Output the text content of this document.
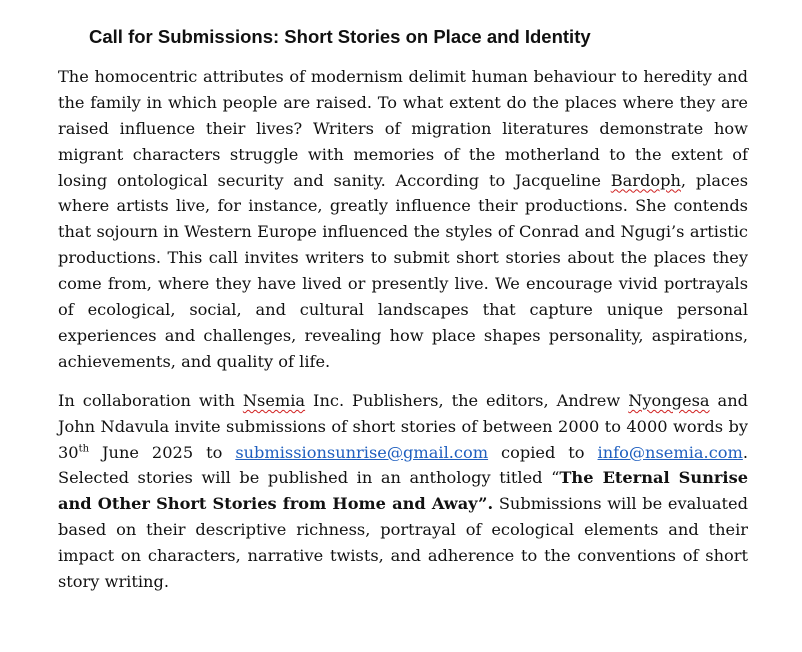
Call for Submissions: Short Stories on Place and Identity

The homocentric attributes of modernism delimit human behaviour to heredity and the family in which people are raised. To what extent do the places where they are raised influence their lives? Writers of migration literatures demonstrate how migrant characters struggle with memories of the motherland to the extent of losing ontological security and sanity. According to Jacqueline Bardoph, places where artists live, for instance, greatly influence their productions. She contends that sojourn in Western Europe influenced the styles of Conrad and Ngugi’s artistic productions. This call invites writers to submit short stories about the places they come from, where they have lived or presently live. We encourage vivid portrayals of ecological, social, and cultural landscapes that capture unique personal experiences and challenges, revealing how place shapes personality, aspirations, achievements, and quality of life.

In collaboration with Nsemia Inc. Publishers, the editors, Andrew Nyongesa and John Ndavula invite submissions of short stories of between 2000 to 4000 words by 30th June 2025 to submissionsunrise@gmail.com copied to info@nsemia.com. Selected stories will be published in an anthology titled “The Eternal Sunrise and Other Short Stories from Home and Away”. Submissions will be evaluated based on their descriptive richness, portrayal of ecological elements and their impact on characters, narrative twists, and adherence to the conventions of short story writing.
